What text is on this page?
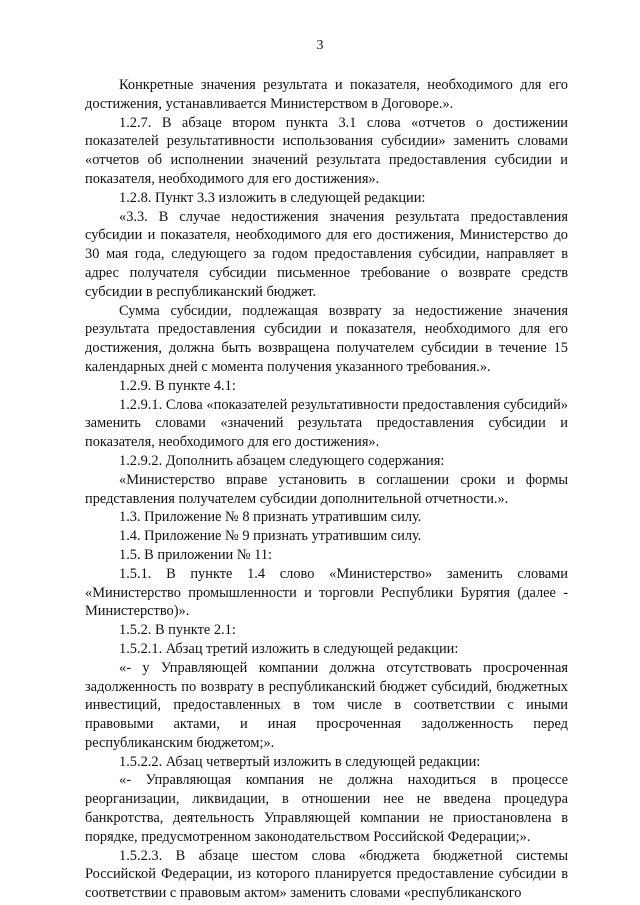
3

Конкретные значения результата и показателя, необходимого для его достижения, устанавливается Министерством в Договоре.».

1.2.7. В абзаце втором пункта 3.1 слова «отчетов о достижении показателей результативности использования субсидии» заменить словами «отчетов об исполнении значений результата предоставления субсидии и показателя, необходимого для его достижения».

1.2.8. Пункт 3.3 изложить в следующей редакции:

«3.3. В случае недостижения значения результата предоставления субсидии и показателя, необходимого для его достижения, Министерство до 30 мая года, следующего за годом предоставления субсидии, направляет в адрес получателя субсидии письменное требование о возврате средств субсидии в республиканский бюджет.

Сумма субсидии, подлежащая возврату за недостижение значения результата предоставления субсидии и показателя, необходимого для его достижения, должна быть возвращена получателем субсидии в течение 15 календарных дней с момента получения указанного требования.».

1.2.9. В пункте 4.1:

1.2.9.1. Слова «показателей результативности предоставления субсидий» заменить словами «значений результата предоставления субсидии и показателя, необходимого для его достижения».

1.2.9.2. Дополнить абзацем следующего содержания:

«Министерство вправе установить в соглашении сроки и формы представления получателем субсидии дополнительной отчетности.».

1.3. Приложение № 8 признать утратившим силу.

1.4. Приложение № 9 признать утратившим силу.

1.5. В приложении № 11:

1.5.1. В пункте 1.4 слово «Министерство» заменить словами «Министерство промышленности и торговли Республики Бурятия (далее - Министерство)».

1.5.2. В пункте 2.1:

1.5.2.1. Абзац третий изложить в следующей редакции:

«- у Управляющей компании должна отсутствовать просроченная задолженность по возврату в республиканский бюджет субсидий, бюджетных инвестиций, предоставленных в том числе в соответствии с иными правовыми актами, и иная просроченная задолженность перед республиканским бюджетом;».

1.5.2.2. Абзац четвертый изложить в следующей редакции:

«- Управляющая компания не должна находиться в процессе реорганизации, ликвидации, в отношении нее не введена процедура банкротства, деятельность Управляющей компании не приостановлена в порядке, предусмотренном законодательством Российской Федерации;».

1.5.2.3. В абзаце шестом слова «бюджета бюджетной системы Российской Федерации, из которого планируется предоставление субсидии в соответствии с правовым актом» заменить словами «республиканского
